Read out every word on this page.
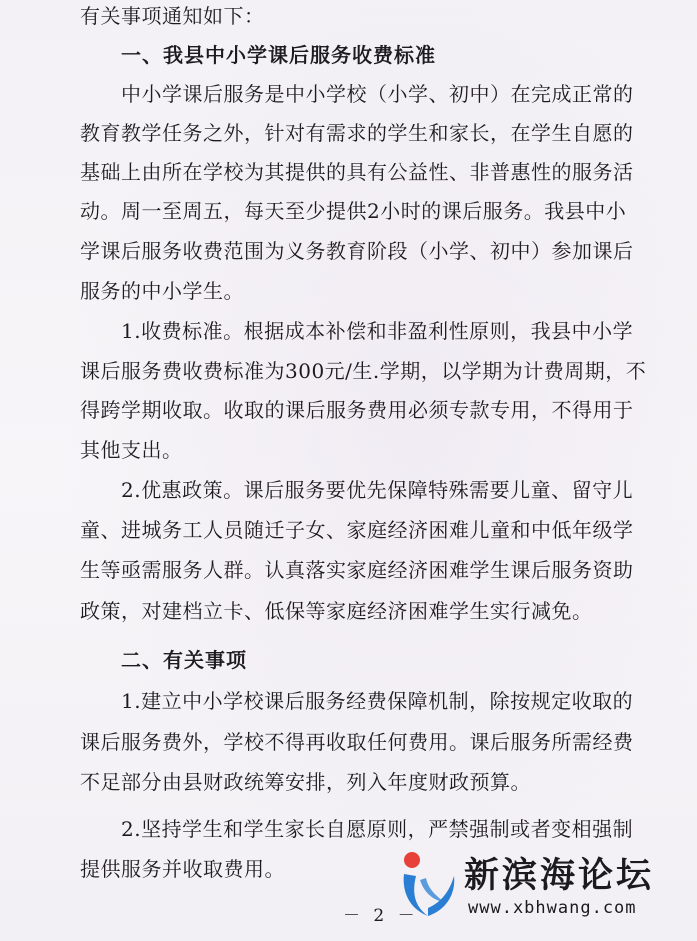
有关事项通知如下：
一、我县中小学课后服务收费标准
中小学课后服务是中小学校（小学、初中）在完成正常的
教育教学任务之外，针对有需求的学生和家长，在学生自愿的
基础上由所在学校为其提供的具有公益性、非普惠性的服务活
动。周一至周五，每天至少提供2小时的课后服务。我县中小
学课后服务收费范围为义务教育阶段（小学、初中）参加课后
服务的中小学生。
1.收费标准。根据成本补偿和非盈利性原则，我县中小学
课后服务费收费标准为300元/生.学期，以学期为计费周期，不
得跨学期收取。收取的课后服务费用必须专款专用，不得用于
其他支出。
2.优惠政策。课后服务要优先保障特殊需要儿童、留守儿
童、进城务工人员随迁子女、家庭经济困难儿童和中低年级学
生等亟需服务人群。认真落实家庭经济困难学生课后服务资助
政策，对建档立卡、低保等家庭经济困难学生实行减免。
二、有关事项
1.建立中小学校课后服务经费保障机制，除按规定收取的
课后服务费外，学校不得再收取任何费用。课后服务所需经费
不足部分由县财政统筹安排，列入年度财政预算。
2.坚持学生和学生家长自愿原则，严禁强制或者变相强制
提供服务并收取费用。
－ 2 －
新滨海论坛
www.xbhwang.com
